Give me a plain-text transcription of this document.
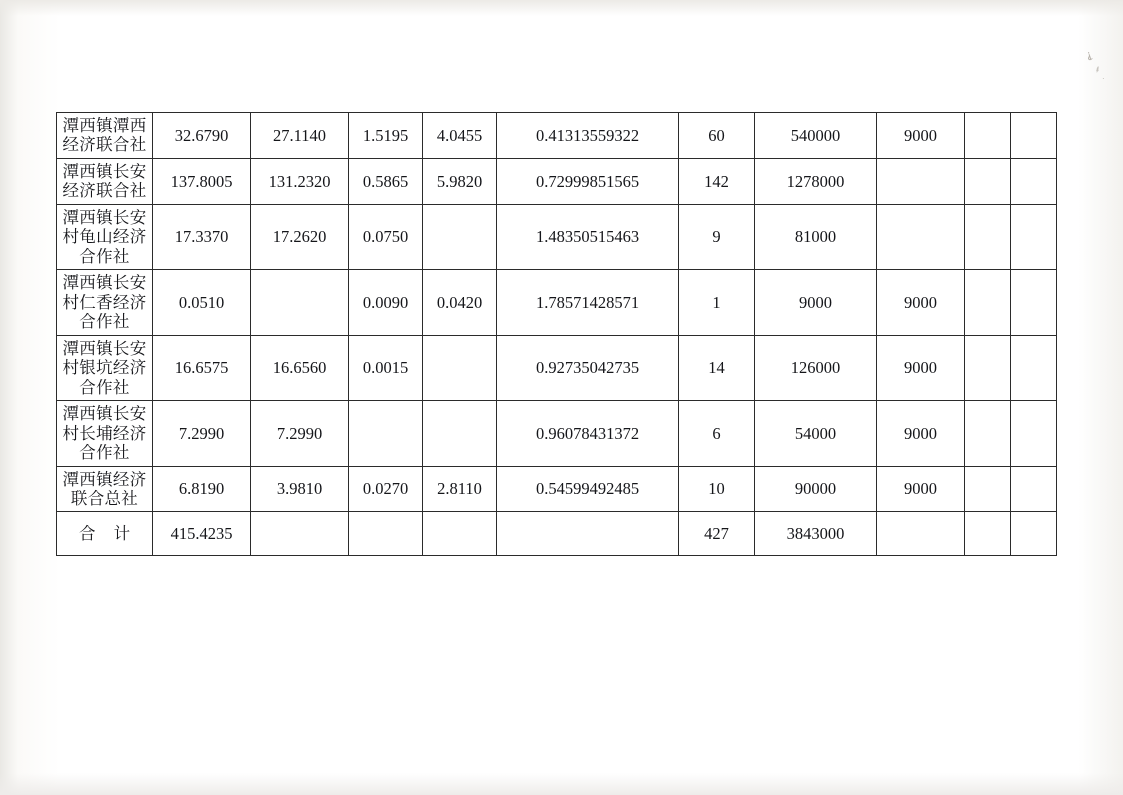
⸘
⸙
·
潭西镇潭西
经济联合社	32.6790	27.1140	1.5195	4.0455	0.41313559322	60	540000	9000		
潭西镇长安
经济联合社	137.8005	131.2320	0.5865	5.9820	0.72999851565	142	1278000			
潭西镇长安
村龟山经济
合作社	17.3370	17.2620	0.0750		1.48350515463	9	81000			
潭西镇长安
村仁香经济
合作社	0.0510		0.0090	0.0420	1.78571428571	1	9000	9000		
潭西镇长安
村银坑经济
合作社	16.6575	16.6560	0.0015		0.92735042735	14	126000	9000		
潭西镇长安
村长埔经济
合作社	7.2990	7.2990			0.96078431372	6	54000	9000		
潭西镇经济
联合总社	6.8190	3.9810	0.0270	2.8110	0.54599492485	10	90000	9000		
合 计	415.4235					427	3843000			
